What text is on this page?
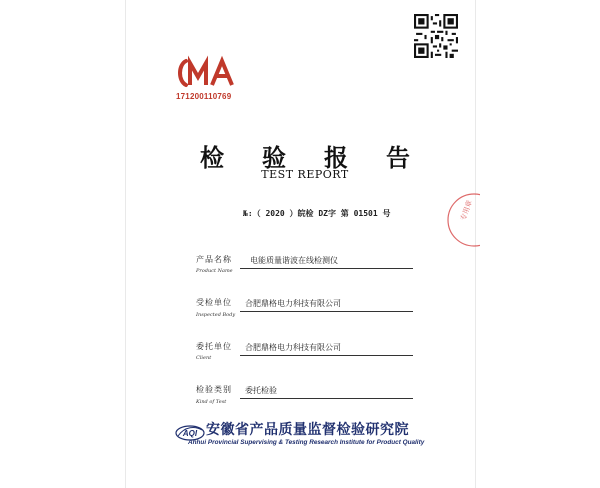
171200110769
检 验 报 告
TEST REPORT
№:（ 2020 ）皖检 DZ字 第 01501 号
产品名称
Product Name
电能质量谐波在线检测仪
受检单位
Inspected Body
合肥鼎格电力科技有限公司
委托单位
Client
合肥鼎格电力科技有限公司
检验类别
Kind of Test
委托检验
AQI 安徽省产品质量监督检验研究院
Anhui Provincial Supervising & Testing Research Institute for Product Quality
专用章
